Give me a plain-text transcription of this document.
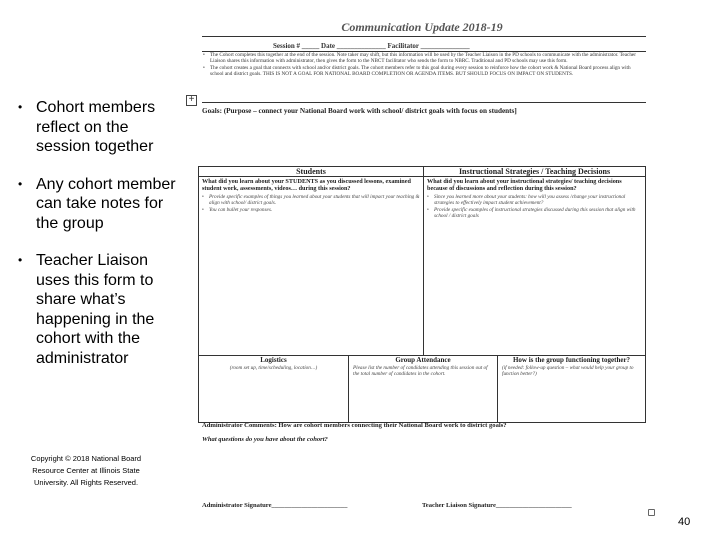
• Cohort members reflect on the session together
• Any cohort member can take notes for the group
• Teacher Liaison uses this form to share what’s happening in the cohort with the administrator
+
Communication Update 2018-19
Session # _____ Date ______________ Facilitator ______________

• The Cohort completes this together at the end of the session. Note taker may shift, but this information will be used by the Teacher Liaison in the PD schools to communicate with the administrator. Teacher Liaison shares this information with administrator, then gives the form to the NBCT facilitator who sends the form to NBRC. Traditional and PD schools may use this form.

• The cohort creates a goal that connects with school and/or district goals. The cohort members refer to this goal during every session to reinforce how the cohort work & National Board process align with school and district goals. THIS IS NOT A GOAL FOR NATIONAL BOARD COMPLETION OR AGENDA ITEMS. BUT SHOULD FOCUS ON IMPACT ON STUDENTS.

Goals: (Purpose – connect your National Board work with school/ district goals with focus on students]
Students
What did you learn about your STUDENTS as you discussed lessons, examined student work, assessments, videos… during this session?
• Provide specific examples of things you learned about your students that will impact your teaching & align with school/ district goals.
• You can bullet your responses.
Instructional Strategies / Teaching Decisions
What did you learn about your instructional strategies/ teaching decisions because of discussions and reflection during this session?
• Since you learned more about your students: how will you assess /change your instructional strategies to effectively impact student achievement?
• Provide specific examples of instructional strategies discussed during this session that align with school / district goals
Logistics
(room set up, time/scheduling, location…)
Group Attendance
Please list the number of candidates attending this session out of the total number of candidates in the cohort.
How is the group functioning together?
(if needed: follow-up question – what would help your group to function better?)
Administrator Comments: How are cohort members connecting their National Board work to district goals?
What questions do you have about the cohort?
Administrator Signature_______________________	Teacher Liaison Signature_______________________
Copyright © 2018 National Board Resource Center at Illinois State University. All Rights Reserved.
40
